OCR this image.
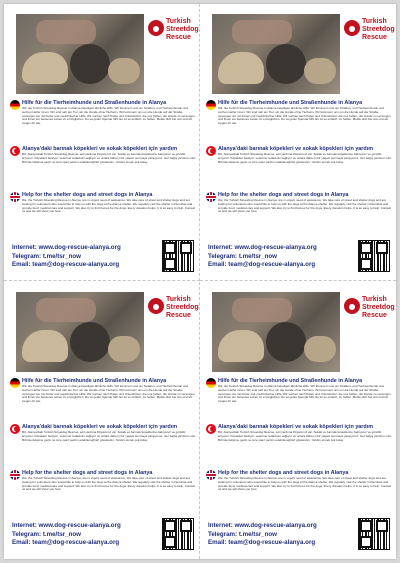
Turkish
Streetdog
Rescue
Hilfe für die Tierheimhunde und Straßenhunde in Alanya
Wir, die Turkish Streetdog Rescue in Alanya beteiligen ähnliche Hilfe. Wir kümmern uns um Straßen- und Tierheimhunde und suchen Helfer innen. Wir sind nah am Tier, wir die Hunde ohne Tierheim. Wir kümmern uns um die Hunde auf der Straße, versorgen sie mit Futter und medizinischer Hilfe. Wir suchen nach Paten und Unterstützer, die uns helfen, die Hunde zu versorgen und ihnen ein besseres Leben zu ermöglichen. Du wo jeder Spende hilft. Es ist so einfach, zu helfen. Melde dich bei uns und wir zeigen dir wie.
Alanya'daki barınak köpekleri ve sokak köpekleri için yardım
Biz, Alanya'daki Turkish Streetdog Rescue, acil yardıma ihtiyacımız var. Sokak ve barınak köpeklerine bakıyoruz ve gönüllü arıyoruz. Köpekleri besliyor, veteriner tedavisini sağlıyor ve onlara daha iyi bir yaşam sunmaya çalışıyoruz. Her bağış yardımcı olur. Bizimle iletişime geçin ve size nasıl yardım edebileceğinizi gösterelim. Yardım etmek çok kolay.
Help for the shelter dogs and street dogs in Alanya
We, the Turkish Streetdog Rescue in Alanya, are in urgent need of assistance. We take care of street and shelter dogs and are looking for volunteers who would like to help us with the dogs at the Alanya shelter. We regularly visit the shelter in Demirtas and provide food, medical care and support. We also try to find homes for the dogs. Every donation helps. It is so easy to help. Contact us and we will show you how.
Internet: www.dog-rescue-alanya.org
Telegram: t.me/tsr_now
Email: team@dog-rescue-alanya.org
Turkish
Streetdog
Rescue
Hilfe für die Tierheimhunde und Straßenhunde in Alanya
Wir, die Turkish Streetdog Rescue in Alanya beteiligen ähnliche Hilfe. Wir kümmern uns um Straßen- und Tierheimhunde und suchen Helfer innen. Wir sind nah am Tier, wir die Hunde ohne Tierheim. Wir kümmern uns um die Hunde auf der Straße, versorgen sie mit Futter und medizinischer Hilfe. Wir suchen nach Paten und Unterstützer, die uns helfen, die Hunde zu versorgen und ihnen ein besseres Leben zu ermöglichen. Du wo jeder Spende hilft. Es ist so einfach, zu helfen. Melde dich bei uns und wir zeigen dir wie.
Alanya'daki barınak köpekleri ve sokak köpekleri için yardım
Biz, Alanya'daki Turkish Streetdog Rescue, acil yardıma ihtiyacımız var. Sokak ve barınak köpeklerine bakıyoruz ve gönüllü arıyoruz. Köpekleri besliyor, veteriner tedavisini sağlıyor ve onlara daha iyi bir yaşam sunmaya çalışıyoruz. Her bağış yardımcı olur. Bizimle iletişime geçin ve size nasıl yardım edebileceğinizi gösterelim. Yardım etmek çok kolay.
Help for the shelter dogs and street dogs in Alanya
We, the Turkish Streetdog Rescue in Alanya, are in urgent need of assistance. We take care of street and shelter dogs and are looking for volunteers who would like to help us with the dogs at the Alanya shelter. We regularly visit the shelter in Demirtas and provide food, medical care and support. We also try to find homes for the dogs. Every donation helps. It is so easy to help. Contact us and we will show you how.
Internet: www.dog-rescue-alanya.org
Telegram: t.me/tsr_now
Email: team@dog-rescue-alanya.org
Turkish
Streetdog
Rescue
Hilfe für die Tierheimhunde und Straßenhunde in Alanya
Wir, die Turkish Streetdog Rescue in Alanya beteiligen ähnliche Hilfe. Wir kümmern uns um Straßen- und Tierheimhunde und suchen Helfer innen. Wir sind nah am Tier, wir die Hunde ohne Tierheim. Wir kümmern uns um die Hunde auf der Straße, versorgen sie mit Futter und medizinischer Hilfe. Wir suchen nach Paten und Unterstützer, die uns helfen, die Hunde zu versorgen und ihnen ein besseres Leben zu ermöglichen. Du wo jeder Spende hilft. Es ist so einfach, zu helfen. Melde dich bei uns und wir zeigen dir wie.
Alanya'daki barınak köpekleri ve sokak köpekleri için yardım
Biz, Alanya'daki Turkish Streetdog Rescue, acil yardıma ihtiyacımız var. Sokak ve barınak köpeklerine bakıyoruz ve gönüllü arıyoruz. Köpekleri besliyor, veteriner tedavisini sağlıyor ve onlara daha iyi bir yaşam sunmaya çalışıyoruz. Her bağış yardımcı olur. Bizimle iletişime geçin ve size nasıl yardım edebileceğinizi gösterelim. Yardım etmek çok kolay.
Help for the shelter dogs and street dogs in Alanya
We, the Turkish Streetdog Rescue in Alanya, are in urgent need of assistance. We take care of street and shelter dogs and are looking for volunteers who would like to help us with the dogs at the Alanya shelter. We regularly visit the shelter in Demirtas and provide food, medical care and support. We also try to find homes for the dogs. Every donation helps. It is so easy to help. Contact us and we will show you how.
Internet: www.dog-rescue-alanya.org
Telegram: t.me/tsr_now
Email: team@dog-rescue-alanya.org
Turkish
Streetdog
Rescue
Hilfe für die Tierheimhunde und Straßenhunde in Alanya
Wir, die Turkish Streetdog Rescue in Alanya beteiligen ähnliche Hilfe. Wir kümmern uns um Straßen- und Tierheimhunde und suchen Helfer innen. Wir sind nah am Tier, wir die Hunde ohne Tierheim. Wir kümmern uns um die Hunde auf der Straße, versorgen sie mit Futter und medizinischer Hilfe. Wir suchen nach Paten und Unterstützer, die uns helfen, die Hunde zu versorgen und ihnen ein besseres Leben zu ermöglichen. Du wo jeder Spende hilft. Es ist so einfach, zu helfen. Melde dich bei uns und wir zeigen dir wie.
Alanya'daki barınak köpekleri ve sokak köpekleri için yardım
Biz, Alanya'daki Turkish Streetdog Rescue, acil yardıma ihtiyacımız var. Sokak ve barınak köpeklerine bakıyoruz ve gönüllü arıyoruz. Köpekleri besliyor, veteriner tedavisini sağlıyor ve onlara daha iyi bir yaşam sunmaya çalışıyoruz. Her bağış yardımcı olur. Bizimle iletişime geçin ve size nasıl yardım edebileceğinizi gösterelim. Yardım etmek çok kolay.
Help for the shelter dogs and street dogs in Alanya
We, the Turkish Streetdog Rescue in Alanya, are in urgent need of assistance. We take care of street and shelter dogs and are looking for volunteers who would like to help us with the dogs at the Alanya shelter. We regularly visit the shelter in Demirtas and provide food, medical care and support. We also try to find homes for the dogs. Every donation helps. It is so easy to help. Contact us and we will show you how.
Internet: www.dog-rescue-alanya.org
Telegram: t.me/tsr_now
Email: team@dog-rescue-alanya.org
